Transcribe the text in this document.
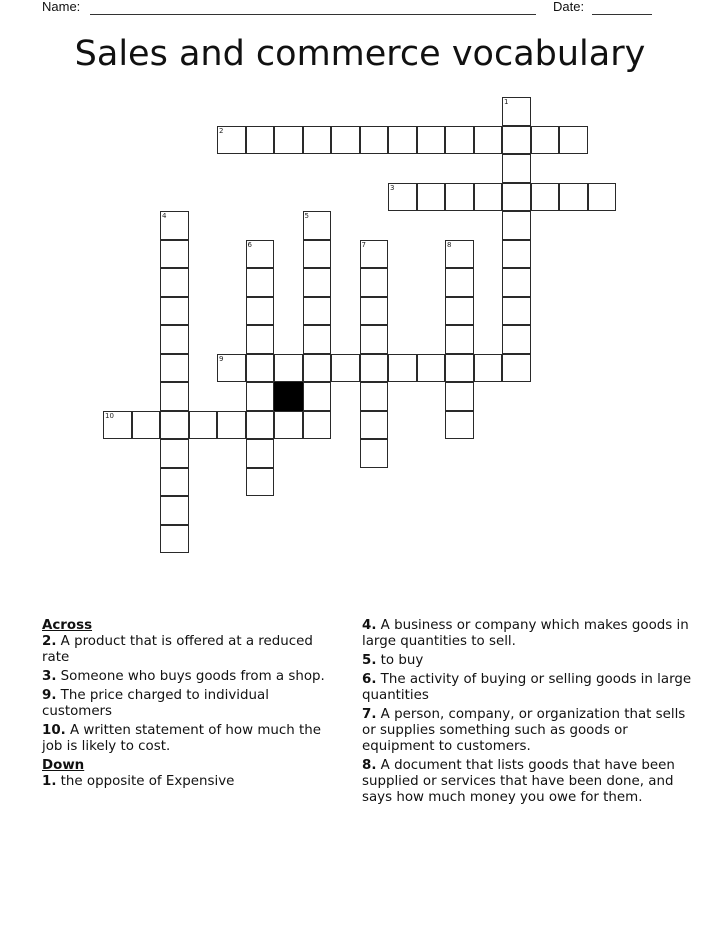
Name:	Date:
Sales and commerce vocabulary
1
2
3
4	5
6	7	8
9
10
Across
2. A product that is offered at a reduced rate
3. Someone who buys goods from a shop.
9. The price charged to individual customers
10. A written statement of how much the job is likely to cost.
Down
1. the opposite of Expensive
4. A business or company which makes goods in large quantities to sell.
5. to buy
6. The activity of buying or selling goods in large quantities
7. A person, company, or organization that sells or supplies something such as goods or equipment to customers.
8. A document that lists goods that have been supplied or services that have been done, and says how much money you owe for them.
